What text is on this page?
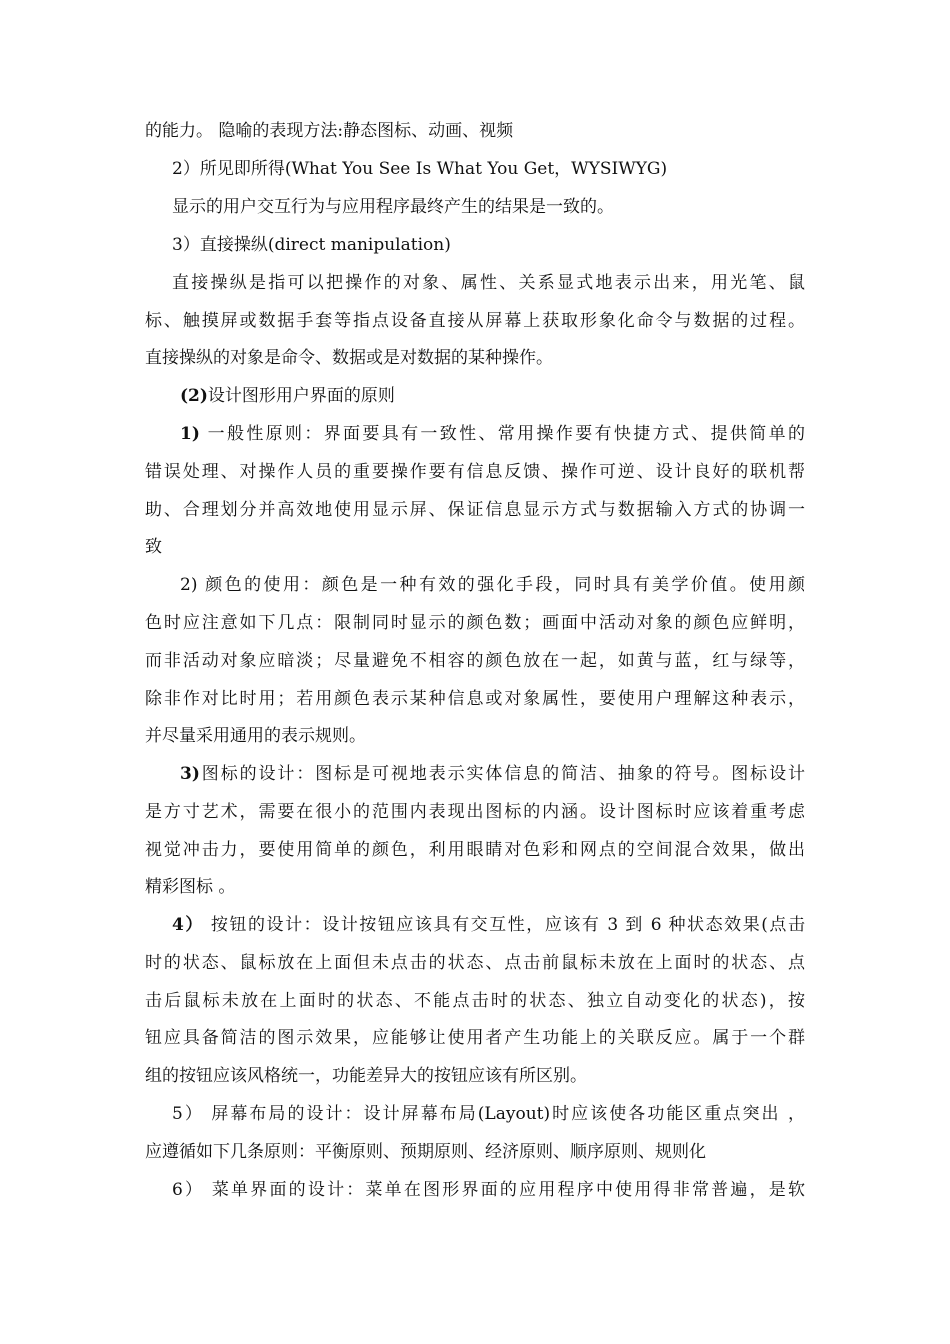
的能力。 隐喻的表现方法:静态图标、动画、视频
2）所见即所得(What You See Is What You Get，WYSIWYG)
显示的用户交互行为与应用程序最终产生的结果是一致的。
3）直接操纵(direct manipulation)
直接操纵是指可以把操作的对象、属性、关系显式地表示出来，用光笔、鼠
标、触摸屏或数据手套等指点设备直接从屏幕上获取形象化命令与数据的过程。
直接操纵的对象是命令、数据或是对数据的某种操作。
(2)设计图形用户界面的原则
1) 一般性原则：界面要具有一致性、常用操作要有快捷方式、提供简单的
错误处理、对操作人员的重要操作要有信息反馈、操作可逆、设计良好的联机帮
助、合理划分并高效地使用显示屏、保证信息显示方式与数据输入方式的协调一
致
2) 颜色的使用：颜色是一种有效的强化手段，同时具有美学价值。使用颜
色时应注意如下几点：限制同时显示的颜色数；画面中活动对象的颜色应鲜明，
而非活动对象应暗淡；尽量避免不相容的颜色放在一起，如黄与蓝，红与绿等，
除非作对比时用；若用颜色表示某种信息或对象属性，要使用户理解这种表示，
并尽量采用通用的表示规则。
3)图标的设计：图标是可视地表示实体信息的简洁、抽象的符号。图标设计
是方寸艺术，需要在很小的范围内表现出图标的内涵。设计图标时应该着重考虑
视觉冲击力，要使用简单的颜色，利用眼睛对色彩和网点的空间混合效果，做出
精彩图标 。
4） 按钮的设计：设计按钮应该具有交互性，应该有 3 到 6 种状态效果(点击
时的状态、鼠标放在上面但未点击的状态、点击前鼠标未放在上面时的状态、点
击后鼠标未放在上面时的状态、不能点击时的状态、独立自动变化的状态)，按
钮应具备简洁的图示效果，应能够让使用者产生功能上的关联反应。属于一个群
组的按钮应该风格统一，功能差异大的按钮应该有所区别。
5） 屏幕布局的设计：设计屏幕布局(Layout)时应该使各功能区重点突出 ，
应遵循如下几条原则：平衡原则、预期原则、经济原则、顺序原则、规则化
6） 菜单界面的设计：菜单在图形界面的应用程序中使用得非常普遍，是软
